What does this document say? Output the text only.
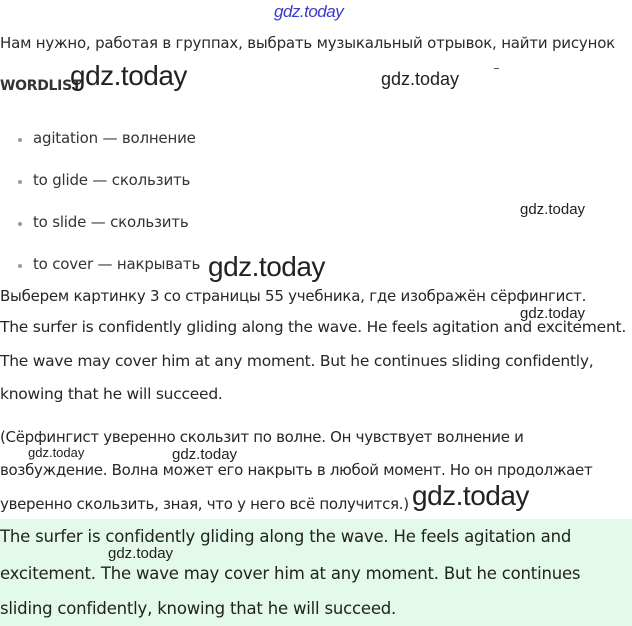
gdz.today
Нам нужно, работая в группах, выбрать музыкальный отрывок, найти рисунок
WORDLIST
gdz.today	gdz.today
agitation — волнение
to glide — скользить
to slide — скользить
to cover — накрывать
gdz.today
gdz.today
Выберем картинку 3 со страницы 55 учебника, где изображён сёрфингист.
gdz.today
The surfer is confidently gliding along the wave. He feels agitation and excitement.
The wave may cover him at any moment. But he continues sliding confidently,
knowing that he will succeed.
(Сёрфингист уверенно скользит по волне. Он чувствует волнение и
возбуждение. Волна может его накрыть в любой момент. Но он продолжает
уверенно скользить, зная, что у него всё получится.)
gdz.today	gdz.today
gdz.today
The surfer is confidently gliding along the wave. He feels agitation and
excitement. The wave may cover him at any moment. But he continues
sliding confidently, knowing that he will succeed.
gdz.today
